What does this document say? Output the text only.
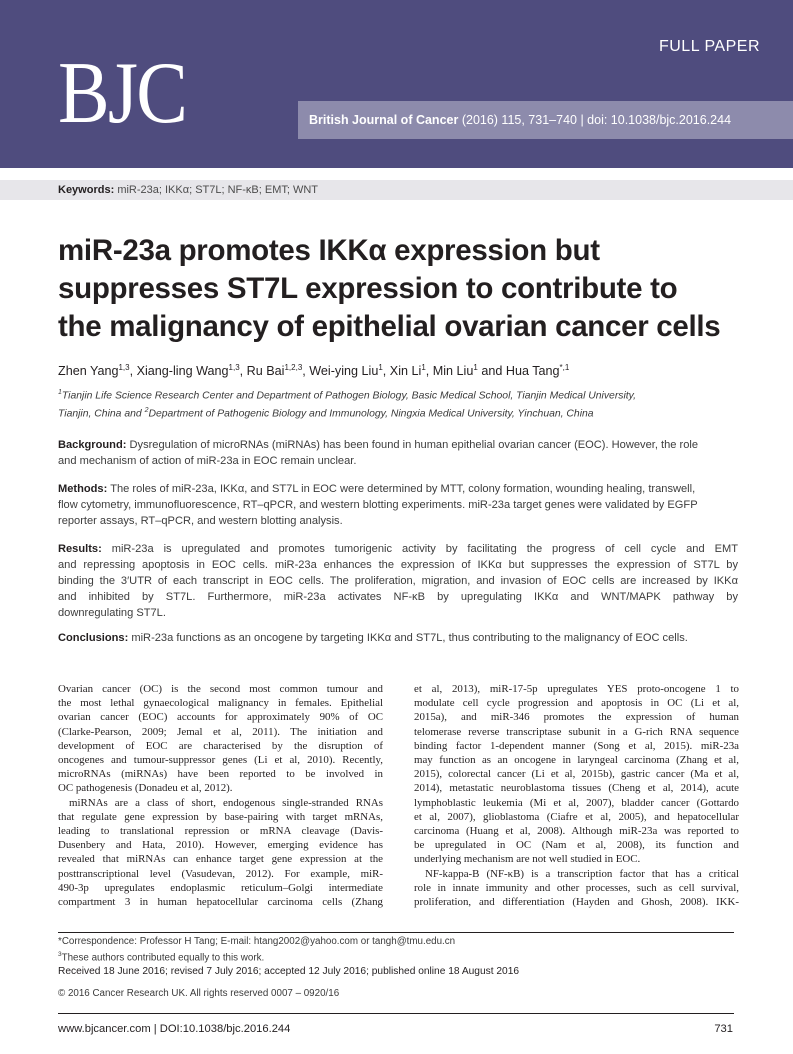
BJC	FULL PAPER
British Journal of Cancer (2016) 115, 731–740 | doi: 10.1038/bjc.2016.244
Keywords: miR-23a; IKKα; ST7L; NF-κB; EMT; WNT
miR-23a promotes IKKα expression but
suppresses ST7L expression to contribute to
the malignancy of epithelial ovarian cancer cells
Zhen Yang$^{1,3}$, Xiang-ling Wang$^{1,3}$, Ru Bai$^{1,2,3}$, Wei-ying Liu$^1$, Xin Li$^1$, Min Liu$^1$ and Hua Tang$^{*,1}$
$^1$Tianjin Life Science Research Center and Department of Pathogen Biology, Basic Medical School, Tianjin Medical University,
Tianjin, China and $^2$Department of Pathogenic Biology and Immunology, Ningxia Medical University, Yinchuan, China
Background: Dysregulation of microRNAs (miRNAs) has been found in human epithelial ovarian cancer (EOC). However, the role
and mechanism of action of miR-23a in EOC remain unclear.
Methods: The roles of miR-23a, IKKα, and ST7L in EOC were determined by MTT, colony formation, wounding healing, transwell,
flow cytometry, immunofluorescence, RT–qPCR, and western blotting experiments. miR-23a target genes were validated by EGFP
reporter assays, RT–qPCR, and western blotting analysis.
Results: miR-23a is upregulated and promotes tumorigenic activity by facilitating the progress of cell cycle and EMT
and repressing apoptosis in EOC cells. miR-23a enhances the expression of IKKα but suppresses the expression of ST7L by
binding the 3′UTR of each transcript in EOC cells. The proliferation, migration, and invasion of EOC cells are increased by IKKα
and inhibited by ST7L. Furthermore, miR-23a activates NF-κB by upregulating IKKα and WNT/MAPK pathway by
downregulating ST7L.
Conclusions: miR-23a functions as an oncogene by targeting IKKα and ST7L, thus contributing to the malignancy of EOC cells.
Ovarian cancer (OC) is the second most common tumour and
the most lethal gynaecological malignancy in females. Epithelial
ovarian cancer (EOC) accounts for approximately 90% of OC
(Clarke-Pearson, 2009; Jemal et al, 2011). The initiation and
development of EOC are characterised by the disruption of
oncogenes and tumour-suppressor genes (Li et al, 2010). Recently,
microRNAs (miRNAs) have been reported to be involved in
OC pathogenesis (Donadeu et al, 2012).
miRNAs are a class of short, endogenous single-stranded RNAs
that regulate gene expression by base-pairing with target mRNAs,
leading to translational repression or mRNA cleavage (Davis-
Dusenbery and Hata, 2010). However, emerging evidence has
revealed that miRNAs can enhance target gene expression at the
posttranscriptional level (Vasudevan, 2012). For example, miR-
490-3p upregulates endoplasmic reticulum–Golgi intermediate
compartment 3 in human hepatocellular carcinoma cells (Zhang
et al, 2013), miR-17-5p upregulates YES proto-oncogene 1 to
modulate cell cycle progression and apoptosis in OC (Li et al,
2015a), and miR-346 promotes the expression of human
telomerase reverse transcriptase subunit in a G-rich RNA sequence
binding factor 1-dependent manner (Song et al, 2015). miR-23a
may function as an oncogene in laryngeal carcinoma (Zhang et al,
2015), colorectal cancer (Li et al, 2015b), gastric cancer (Ma et al,
2014), metastatic neuroblastoma tissues (Cheng et al, 2014), acute
lymphoblastic leukemia (Mi et al, 2007), bladder cancer (Gottardo
et al, 2007), glioblastoma (Ciafre et al, 2005), and hepatocellular
carcinoma (Huang et al, 2008). Although miR-23a was reported to
be upregulated in OC (Nam et al, 2008), its function and
underlying mechanism are not well studied in EOC.
NF-kappa-B (NF-κB) is a transcription factor that has a critical
role in innate immunity and other processes, such as cell survival,
proliferation, and differentiation (Hayden and Ghosh, 2008). IKK-
*Correspondence: Professor H Tang; E-mail: htang2002@yahoo.com or tangh@tmu.edu.cn
$^3$These authors contributed equally to this work.
Received 18 June 2016; revised 7 July 2016; accepted 12 July 2016; published online 18 August 2016
© 2016 Cancer Research UK. All rights reserved 0007 – 0920/16
www.bjcancer.com | DOI:10.1038/bjc.2016.244	731
